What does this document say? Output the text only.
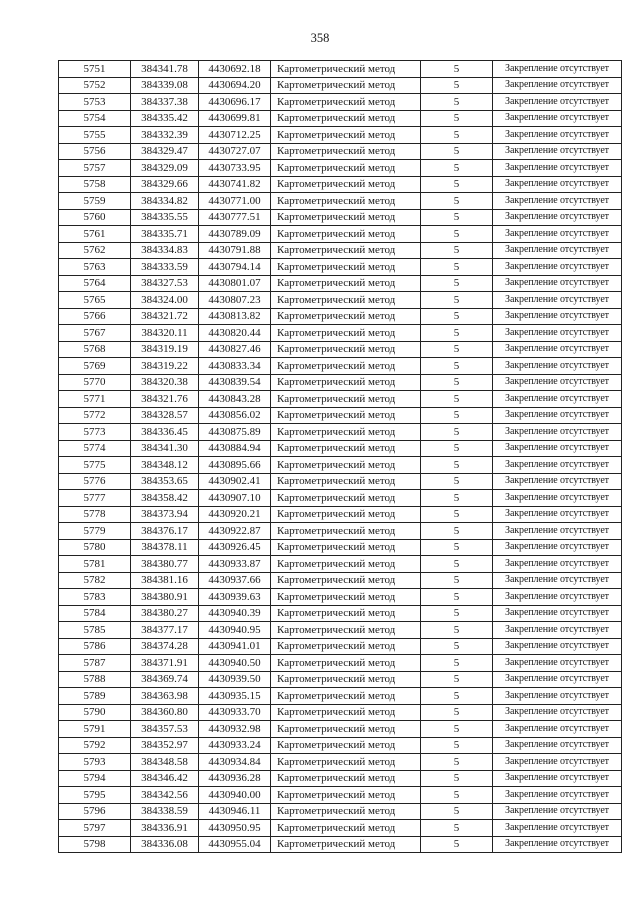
358
5751	384341.78	4430692.18	Картометрический метод	5	Закрепление отсутствует
5752	384339.08	4430694.20	Картометрический метод	5	Закрепление отсутствует
5753	384337.38	4430696.17	Картометрический метод	5	Закрепление отсутствует
5754	384335.42	4430699.81	Картометрический метод	5	Закрепление отсутствует
5755	384332.39	4430712.25	Картометрический метод	5	Закрепление отсутствует
5756	384329.47	4430727.07	Картометрический метод	5	Закрепление отсутствует
5757	384329.09	4430733.95	Картометрический метод	5	Закрепление отсутствует
5758	384329.66	4430741.82	Картометрический метод	5	Закрепление отсутствует
5759	384334.82	4430771.00	Картометрический метод	5	Закрепление отсутствует
5760	384335.55	4430777.51	Картометрический метод	5	Закрепление отсутствует
5761	384335.71	4430789.09	Картометрический метод	5	Закрепление отсутствует
5762	384334.83	4430791.88	Картометрический метод	5	Закрепление отсутствует
5763	384333.59	4430794.14	Картометрический метод	5	Закрепление отсутствует
5764	384327.53	4430801.07	Картометрический метод	5	Закрепление отсутствует
5765	384324.00	4430807.23	Картометрический метод	5	Закрепление отсутствует
5766	384321.72	4430813.82	Картометрический метод	5	Закрепление отсутствует
5767	384320.11	4430820.44	Картометрический метод	5	Закрепление отсутствует
5768	384319.19	4430827.46	Картометрический метод	5	Закрепление отсутствует
5769	384319.22	4430833.34	Картометрический метод	5	Закрепление отсутствует
5770	384320.38	4430839.54	Картометрический метод	5	Закрепление отсутствует
5771	384321.76	4430843.28	Картометрический метод	5	Закрепление отсутствует
5772	384328.57	4430856.02	Картометрический метод	5	Закрепление отсутствует
5773	384336.45	4430875.89	Картометрический метод	5	Закрепление отсутствует
5774	384341.30	4430884.94	Картометрический метод	5	Закрепление отсутствует
5775	384348.12	4430895.66	Картометрический метод	5	Закрепление отсутствует
5776	384353.65	4430902.41	Картометрический метод	5	Закрепление отсутствует
5777	384358.42	4430907.10	Картометрический метод	5	Закрепление отсутствует
5778	384373.94	4430920.21	Картометрический метод	5	Закрепление отсутствует
5779	384376.17	4430922.87	Картометрический метод	5	Закрепление отсутствует
5780	384378.11	4430926.45	Картометрический метод	5	Закрепление отсутствует
5781	384380.77	4430933.87	Картометрический метод	5	Закрепление отсутствует
5782	384381.16	4430937.66	Картометрический метод	5	Закрепление отсутствует
5783	384380.91	4430939.63	Картометрический метод	5	Закрепление отсутствует
5784	384380.27	4430940.39	Картометрический метод	5	Закрепление отсутствует
5785	384377.17	4430940.95	Картометрический метод	5	Закрепление отсутствует
5786	384374.28	4430941.01	Картометрический метод	5	Закрепление отсутствует
5787	384371.91	4430940.50	Картометрический метод	5	Закрепление отсутствует
5788	384369.74	4430939.50	Картометрический метод	5	Закрепление отсутствует
5789	384363.98	4430935.15	Картометрический метод	5	Закрепление отсутствует
5790	384360.80	4430933.70	Картометрический метод	5	Закрепление отсутствует
5791	384357.53	4430932.98	Картометрический метод	5	Закрепление отсутствует
5792	384352.97	4430933.24	Картометрический метод	5	Закрепление отсутствует
5793	384348.58	4430934.84	Картометрический метод	5	Закрепление отсутствует
5794	384346.42	4430936.28	Картометрический метод	5	Закрепление отсутствует
5795	384342.56	4430940.00	Картометрический метод	5	Закрепление отсутствует
5796	384338.59	4430946.11	Картометрический метод	5	Закрепление отсутствует
5797	384336.91	4430950.95	Картометрический метод	5	Закрепление отсутствует
5798	384336.08	4430955.04	Картометрический метод	5	Закрепление отсутствует
